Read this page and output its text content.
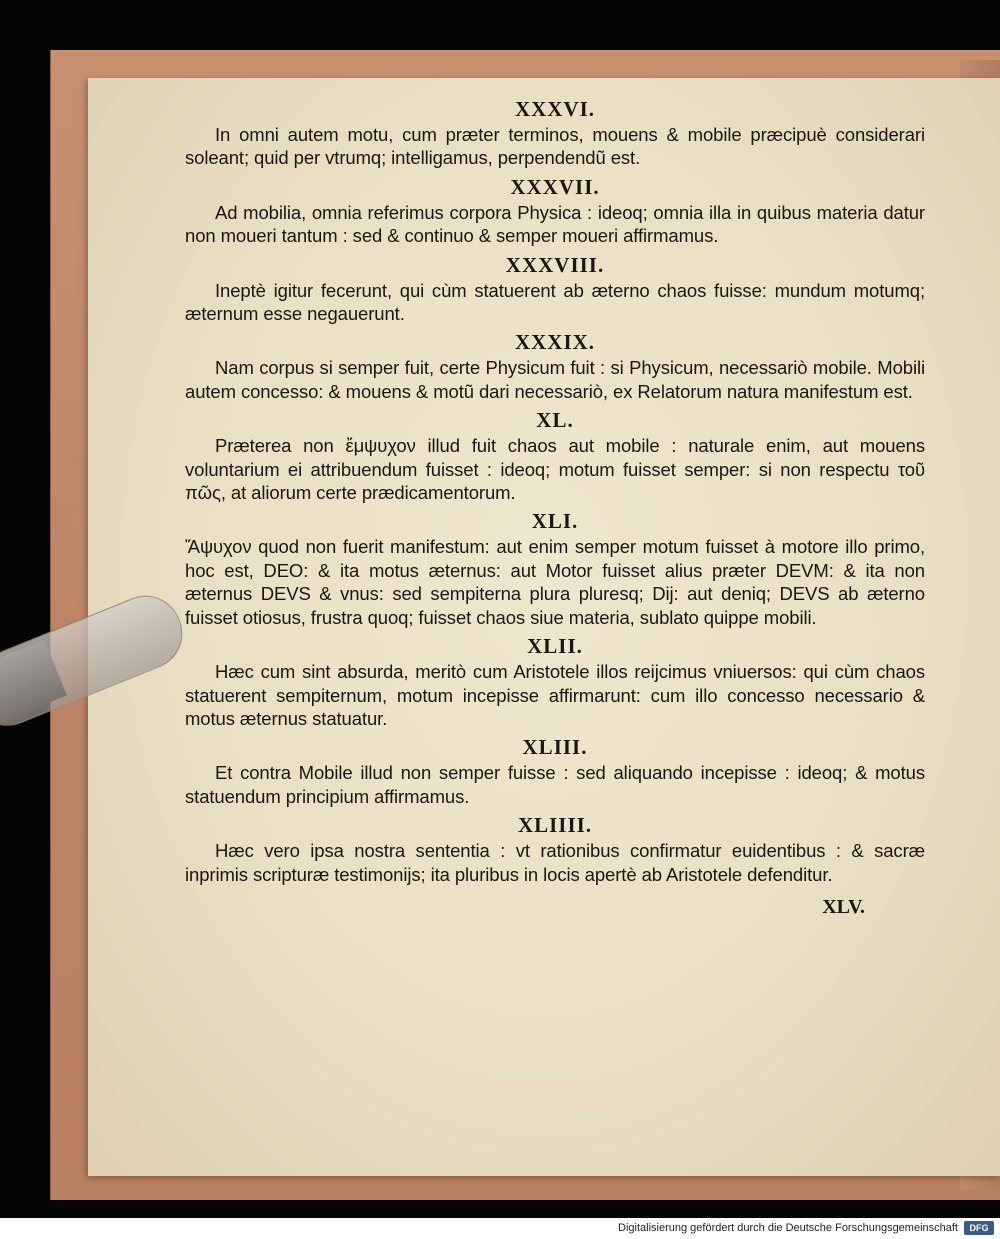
XXXVI.

In omni autem motu, cum præter terminos, mouens & mobile præcipuè considerari soleant; quid per vtrumq; intelligamus, perpendendũ est.

XXXVII.

Ad mobilia, omnia referimus corpora Physica : ideoq; omnia illa in quibus materia datur non moueri tantum : sed & continuo & semper moueri affirmamus.

XXXVIII.

Ineptè igitur fecerunt, qui cùm statuerent ab æterno chaos fuisse: mundum motumq; æternum esse negauerunt.

XXXIX.

Nam corpus si semper fuit, certe Physicum fuit : si Physicum, necessariò mobile. Mobili autem concesso: & mouens & motũ dari necessariò, ex Relatorum natura manifestum est.

XL.

Præterea non ἔμψυχον illud fuit chaos aut mobile : naturale enim, aut mouens voluntarium ei attribuendum fuisset : ideoq; motum fuisset semper: si non respectu τοῦ πῶς, at aliorum certe prædicamentorum.

XLI.

Ἄψυχον quod non fuerit manifestum: aut enim semper motum fuisset à motore illo primo, hoc est, DEO: & ita motus æternus: aut Motor fuisset alius præter DEVM: & ita non æternus DEVS & vnus: sed sempiterna plura pluresq; Dij: aut deniq; DEVS ab æterno fuisset otiosus, frustra quoq; fuisset chaos siue materia, sublato quippe mobili.

XLII.

Hæc cum sint absurda, meritò cum Aristotele illos reijcimus vniuersos: qui cùm chaos statuerent sempiternum, motum incepisse affirmarunt: cum illo concesso necessario & motus æternus statuatur.

XLIII.

Et contra Mobile illud non semper fuisse : sed aliquando incepisse : ideoq; & motus statuendum principium affirmamus.

XLIIII.

Hæc vero ipsa nostra sententia : vt rationibus confirmatur euidentibus : & sacræ inprimis scripturæ testimonijs; ita pluribus in locis apertè ab Aristotele defenditur.

XLV.
Digitalisierung gefördert durch die Deutsche Forschungsgemeinschaft	DFG
